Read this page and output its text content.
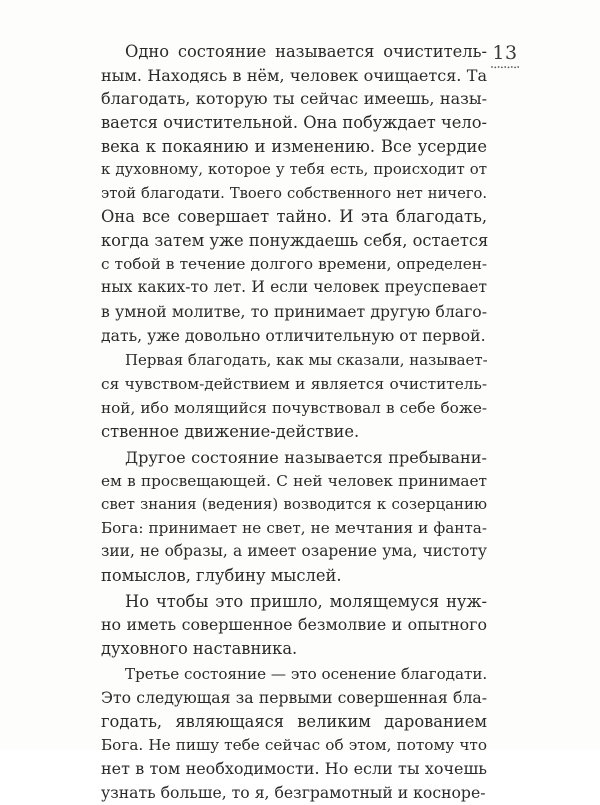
13
Одно состояние называется очиститель-
ным. Находясь в нём, человек очищается. Та
благодать, которую ты сейчас имеешь, назы-
вается очистительной. Она побуждает чело-
века к покаянию и изменению. Все усердие
к духовному, которое у тебя есть, происходит от
этой благодати. Твоего собственного нет ничего.
Она все совершает тайно. И эта благодать,
когда затем уже понуждаешь себя, остается
с тобой в течение долгого времени, определен-
ных каких-то лет. И если человек преуспевает
в умной молитве, то принимает другую благо-
дать, уже довольно отличительную от первой.
Первая благодать, как мы сказали, называет-
ся чувством-действием и является очиститель-
ной, ибо молящийся почувствовал в себе боже-
ственное движение-действие.
Другое состояние называется пребывани-
ем в просвещающей. С ней человек принимает
свет знания (ведения) возводится к созерцанию
Бога: принимает не свет, не мечтания и фанта-
зии, не образы, а имеет озарение ума, чистоту
помыслов, глубину мыслей.
Но чтобы это пришло, молящемуся нуж-
но иметь совершенное безмолвие и опытного
духовного наставника.
Третье состояние — это осенение благодати.
Это следующая за первыми совершенная бла-
годать, являющаяся великим дарованием
Бога. Не пишу тебе сейчас об этом, потому что
нет в том необходимости. Но если ты хочешь
узнать больше, то я, безграмотный и косноре-
